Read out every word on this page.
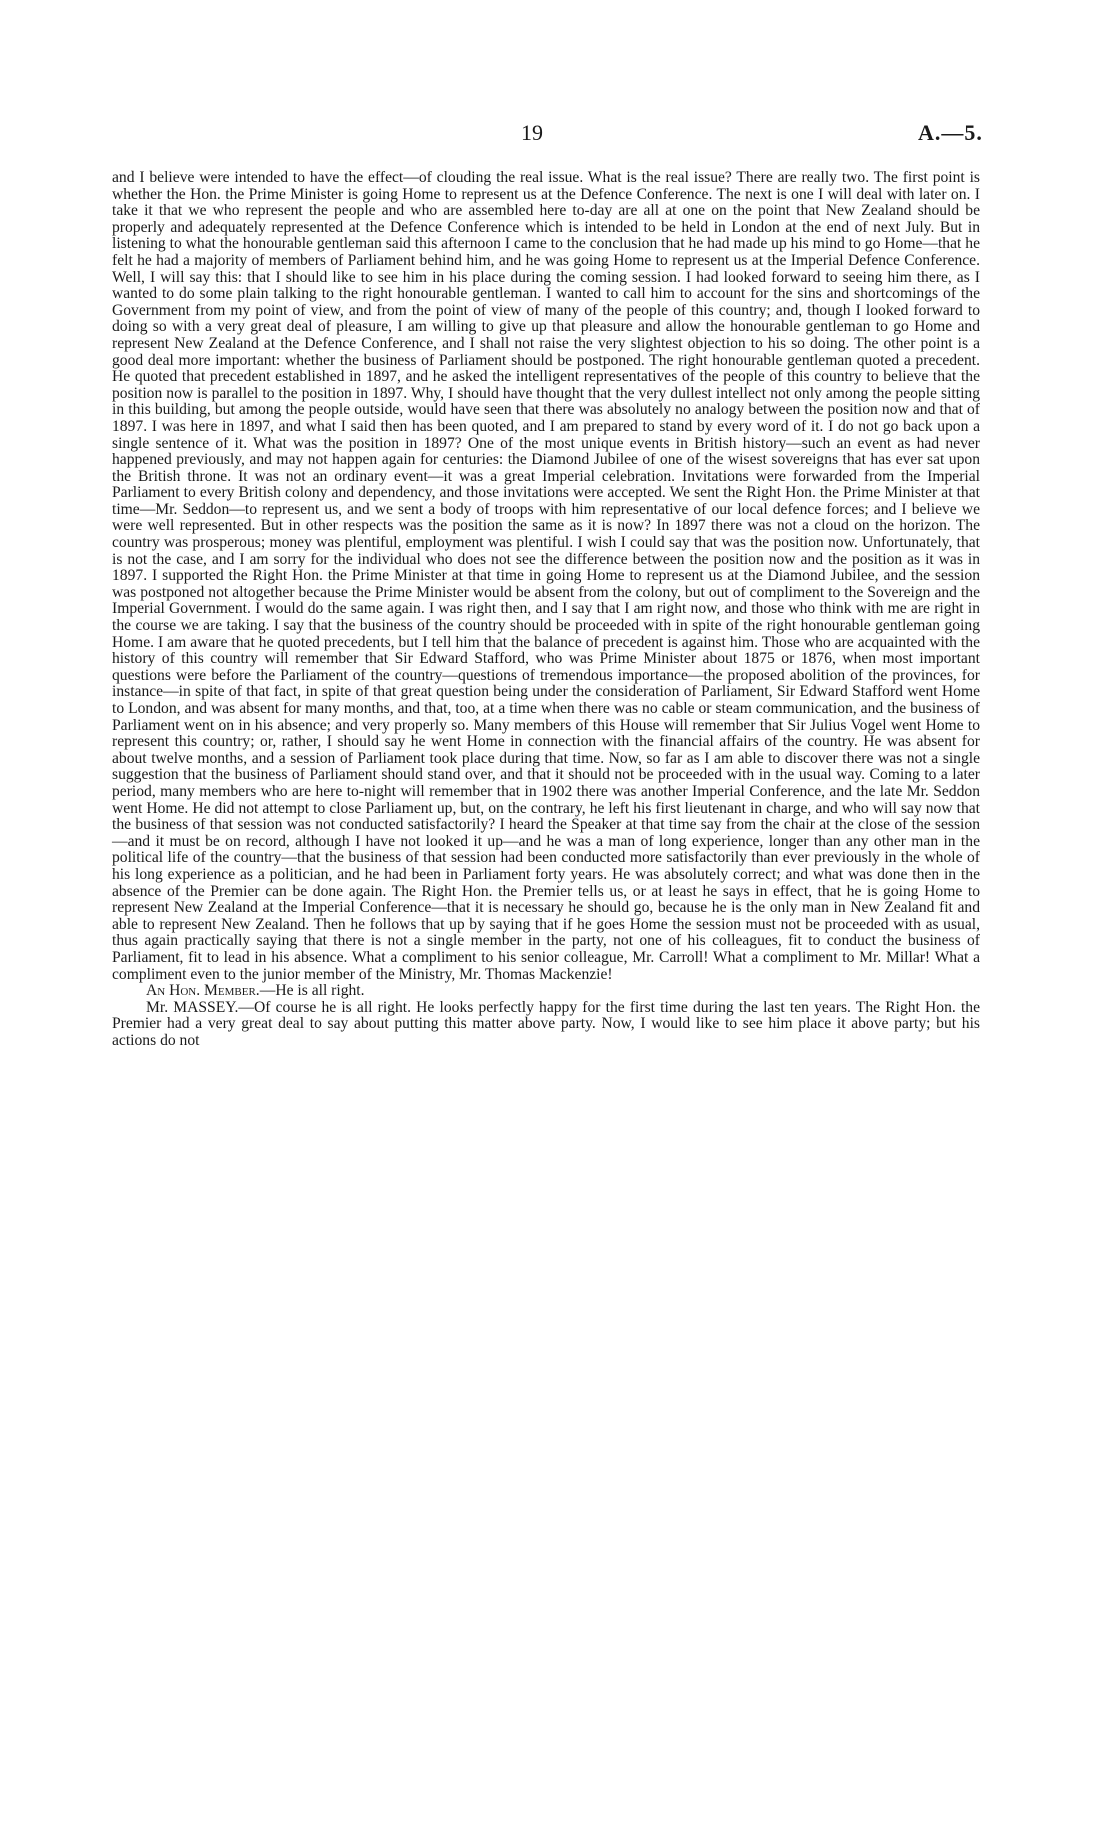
19	A.—5.

and I believe were intended to have the effect—of clouding the real issue. What is the real issue? There are really two. The first point is whether the Hon. the Prime Minister is going Home to represent us at the Defence Conference. The next is one I will deal with later on. I take it that we who represent the people and who are assembled here to-day are all at one on the point that New Zealand should be properly and adequately represented at the Defence Conference which is intended to be held in London at the end of next July. But in listening to what the honourable gentleman said this afternoon I came to the conclusion that he had made up his mind to go Home—that he felt he had a majority of members of Parliament behind him, and he was going Home to represent us at the Imperial Defence Conference. Well, I will say this: that I should like to see him in his place during the coming session. I had looked forward to seeing him there, as I wanted to do some plain talking to the right honourable gentleman. I wanted to call him to account for the sins and shortcomings of the Government from my point of view, and from the point of view of many of the people of this country; and, though I looked forward to doing so with a very great deal of pleasure, I am willing to give up that pleasure and allow the honourable gentleman to go Home and represent New Zealand at the Defence Conference, and I shall not raise the very slightest objection to his so doing. The other point is a good deal more important: whether the business of Parliament should be postponed. The right honourable gentleman quoted a precedent. He quoted that precedent established in 1897, and he asked the intelligent representatives of the people of this country to believe that the position now is parallel to the position in 1897. Why, I should have thought that the very dullest intellect not only among the people sitting in this building, but among the people outside, would have seen that there was absolutely no analogy between the position now and that of 1897. I was here in 1897, and what I said then has been quoted, and I am prepared to stand by every word of it. I do not go back upon a single sentence of it. What was the position in 1897? One of the most unique events in British history—such an event as had never happened previously, and may not happen again for centuries: the Diamond Jubilee of one of the wisest sovereigns that has ever sat upon the British throne. It was not an ordinary event—it was a great Imperial celebration. Invitations were forwarded from the Imperial Parliament to every British colony and dependency, and those invitations were accepted. We sent the Right Hon. the Prime Minister at that time—Mr. Seddon—to represent us, and we sent a body of troops with him representative of our local defence forces; and I believe we were well represented. But in other respects was the position the same as it is now? In 1897 there was not a cloud on the horizon. The country was prosperous; money was plentiful, employment was plentiful. I wish I could say that was the position now. Unfortunately, that is not the case, and I am sorry for the individual who does not see the difference between the position now and the position as it was in 1897. I supported the Right Hon. the Prime Minister at that time in going Home to represent us at the Diamond Jubilee, and the session was postponed not altogether because the Prime Minister would be absent from the colony, but out of compliment to the Sovereign and the Imperial Government. I would do the same again. I was right then, and I say that I am right now, and those who think with me are right in the course we are taking. I say that the business of the country should be proceeded with in spite of the right honourable gentleman going Home. I am aware that he quoted precedents, but I tell him that the balance of precedent is against him. Those who are acquainted with the history of this country will remember that Sir Edward Stafford, who was Prime Minister about 1875 or 1876, when most important questions were before the Parliament of the country—questions of tremendous importance—the proposed abolition of the provinces, for instance—in spite of that fact, in spite of that great question being under the consideration of Parliament, Sir Edward Stafford went Home to London, and was absent for many months, and that, too, at a time when there was no cable or steam communication, and the business of Parliament went on in his absence; and very properly so. Many members of this House will remember that Sir Julius Vogel went Home to represent this country; or, rather, I should say he went Home in connection with the financial affairs of the country. He was absent for about twelve months, and a session of Parliament took place during that time. Now, so far as I am able to discover there was not a single suggestion that the business of Parliament should stand over, and that it should not be proceeded with in the usual way. Coming to a later period, many members who are here to-night will remember that in 1902 there was another Imperial Conference, and the late Mr. Seddon went Home. He did not attempt to close Parliament up, but, on the contrary, he left his first lieutenant in charge, and who will say now that the business of that session was not conducted satisfactorily? I heard the Speaker at that time say from the chair at the close of the session—and it must be on record, although I have not looked it up—and he was a man of long experience, longer than any other man in the political life of the country—that the business of that session had been conducted more satisfactorily than ever previously in the whole of his long experience as a politician, and he had been in Parliament forty years. He was absolutely correct; and what was done then in the absence of the Premier can be done again. The Right Hon. the Premier tells us, or at least he says in effect, that he is going Home to represent New Zealand at the Imperial Conference—that it is necessary he should go, because he is the only man in New Zealand fit and able to represent New Zealand. Then he follows that up by saying that if he goes Home the session must not be proceeded with as usual, thus again practically saying that there is not a single member in the party, not one of his colleagues, fit to conduct the business of Parliament, fit to lead in his absence. What a compliment to his senior colleague, Mr. Carroll! What a compliment to Mr. Millar! What a compliment even to the junior member of the Ministry, Mr. Thomas Mackenzie!

An Hon. Member.—He is all right.

Mr. MASSEY.—Of course he is all right. He looks perfectly happy for the first time during the last ten years. The Right Hon. the Premier had a very great deal to say about putting this matter above party. Now, I would like to see him place it above party; but his actions do not
